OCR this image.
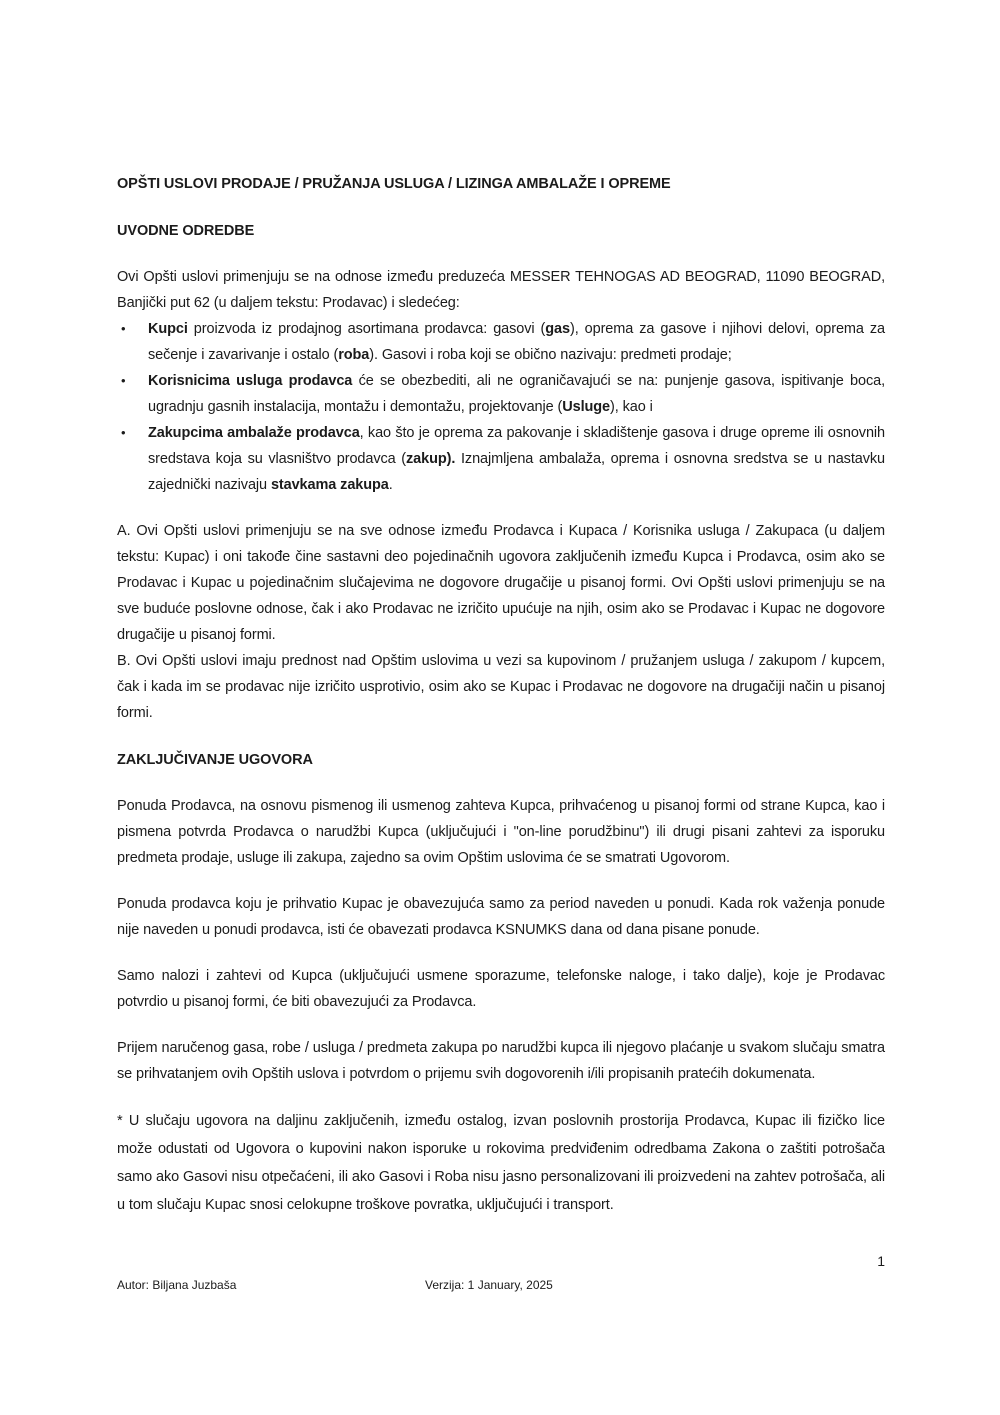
OPŠTI USLOVI PRODAJE / PRUŽANJA USLUGA / LIZINGA AMBALAŽE I OPREME
UVODNE ODREDBE

Ovi Opšti uslovi primenjuju se na odnose između preduzeća MESSER TEHNOGAS AD BEOGRAD, 11090 BEOGRAD, Banjički put 62 (u daljem tekstu: Prodavac) i sledećeg:

• Kupci proizvoda iz prodajnog asortimana prodavca: gasovi (gas), oprema za gasove i njihovi delovi, oprema za sečenje i zavarivanje i ostalo (roba). Gasovi i roba koji se obično nazivaju: predmeti prodaje;
• Korisnicima usluga prodavca će se obezbediti, ali ne ograničavajući se na: punjenje gasova, ispitivanje boca, ugradnju gasnih instalacija, montažu i demontažu, projektovanje (Usluge), kao i
• Zakupcima ambalaže prodavca, kao što je oprema za pakovanje i skladištenje gasova i druge opreme ili osnovnih sredstava koja su vlasništvo prodavca (zakup). Iznajmljena ambalaža, oprema i osnovna sredstva se u nastavku zajednički nazivaju stavkama zakupa.

A. Ovi Opšti uslovi primenjuju se na sve odnose između Prodavca i Kupaca / Korisnika usluga / Zakupaca (u daljem tekstu: Kupac) i oni takođe čine sastavni deo pojedinačnih ugovora zaključenih između Kupca i Prodavca, osim ako se Prodavac i Kupac u pojedinačnim slučajevima ne dogovore drugačije u pisanoj formi. Ovi Opšti uslovi primenjuju se na sve buduće poslovne odnose, čak i ako Prodavac ne izričito upućuje na njih, osim ako se Prodavac i Kupac ne dogovore drugačije u pisanoj formi.
B. Ovi Opšti uslovi imaju prednost nad Opštim uslovima u vezi sa kupovinom / pružanjem usluga / zakupom / kupcem, čak i kada im se prodavac nije izričito usprotivio, osim ako se Kupac i Prodavac ne dogovore na drugačiji način u pisanoj formi.

ZAKLJUČIVANJE UGOVORA

Ponuda Prodavca, na osnovu pismenog ili usmenog zahteva Kupca, prihvaćenog u pisanoj formi od strane Kupca, kao i pismena potvrda Prodavca o narudžbi Kupca (uključujući i "on-line porudžbinu") ili drugi pisani zahtevi za isporuku predmeta prodaje, usluge ili zakupa, zajedno sa ovim Opštim uslovima će se smatrati Ugovorom.

Ponuda prodavca koju je prihvatio Kupac je obavezujuća samo za period naveden u ponudi. Kada rok važenja ponude nije naveden u ponudi prodavca, isti će obavezati prodavca KSNUMKS dana od dana pisane ponude.

Samo nalozi i zahtevi od Kupca (uključujući usmene sporazume, telefonske naloge, i tako dalje), koje je Prodavac potvrdio u pisanoj formi, će biti obavezujući za Prodavca.

Prijem naručenog gasa, robe / usluga / predmeta zakupa po narudžbi kupca ili njegovo plaćanje u svakom slučaju smatra se prihvatanjem ovih Opštih uslova i potvrdom o prijemu svih dogovorenih i/ili propisanih pratećih dokumenata.

* U slučaju ugovora na daljinu zaključenih, između ostalog, izvan poslovnih prostorija Prodavca, Kupac ili fizičko lice može odustati od Ugovora o kupovini nakon isporuke u rokovima predviđenim odredbama Zakona o zaštiti potrošača samo ako Gasovi nisu otpečaćeni, ili ako Gasovi i Roba nisu jasno personalizovani ili proizvedeni na zahtev potrošača, ali u tom slučaju Kupac snosi celokupne troškove povratka, uključujući i transport.

1
Autor: Biljana Juzbaša	Verzija: 1 January, 2025
